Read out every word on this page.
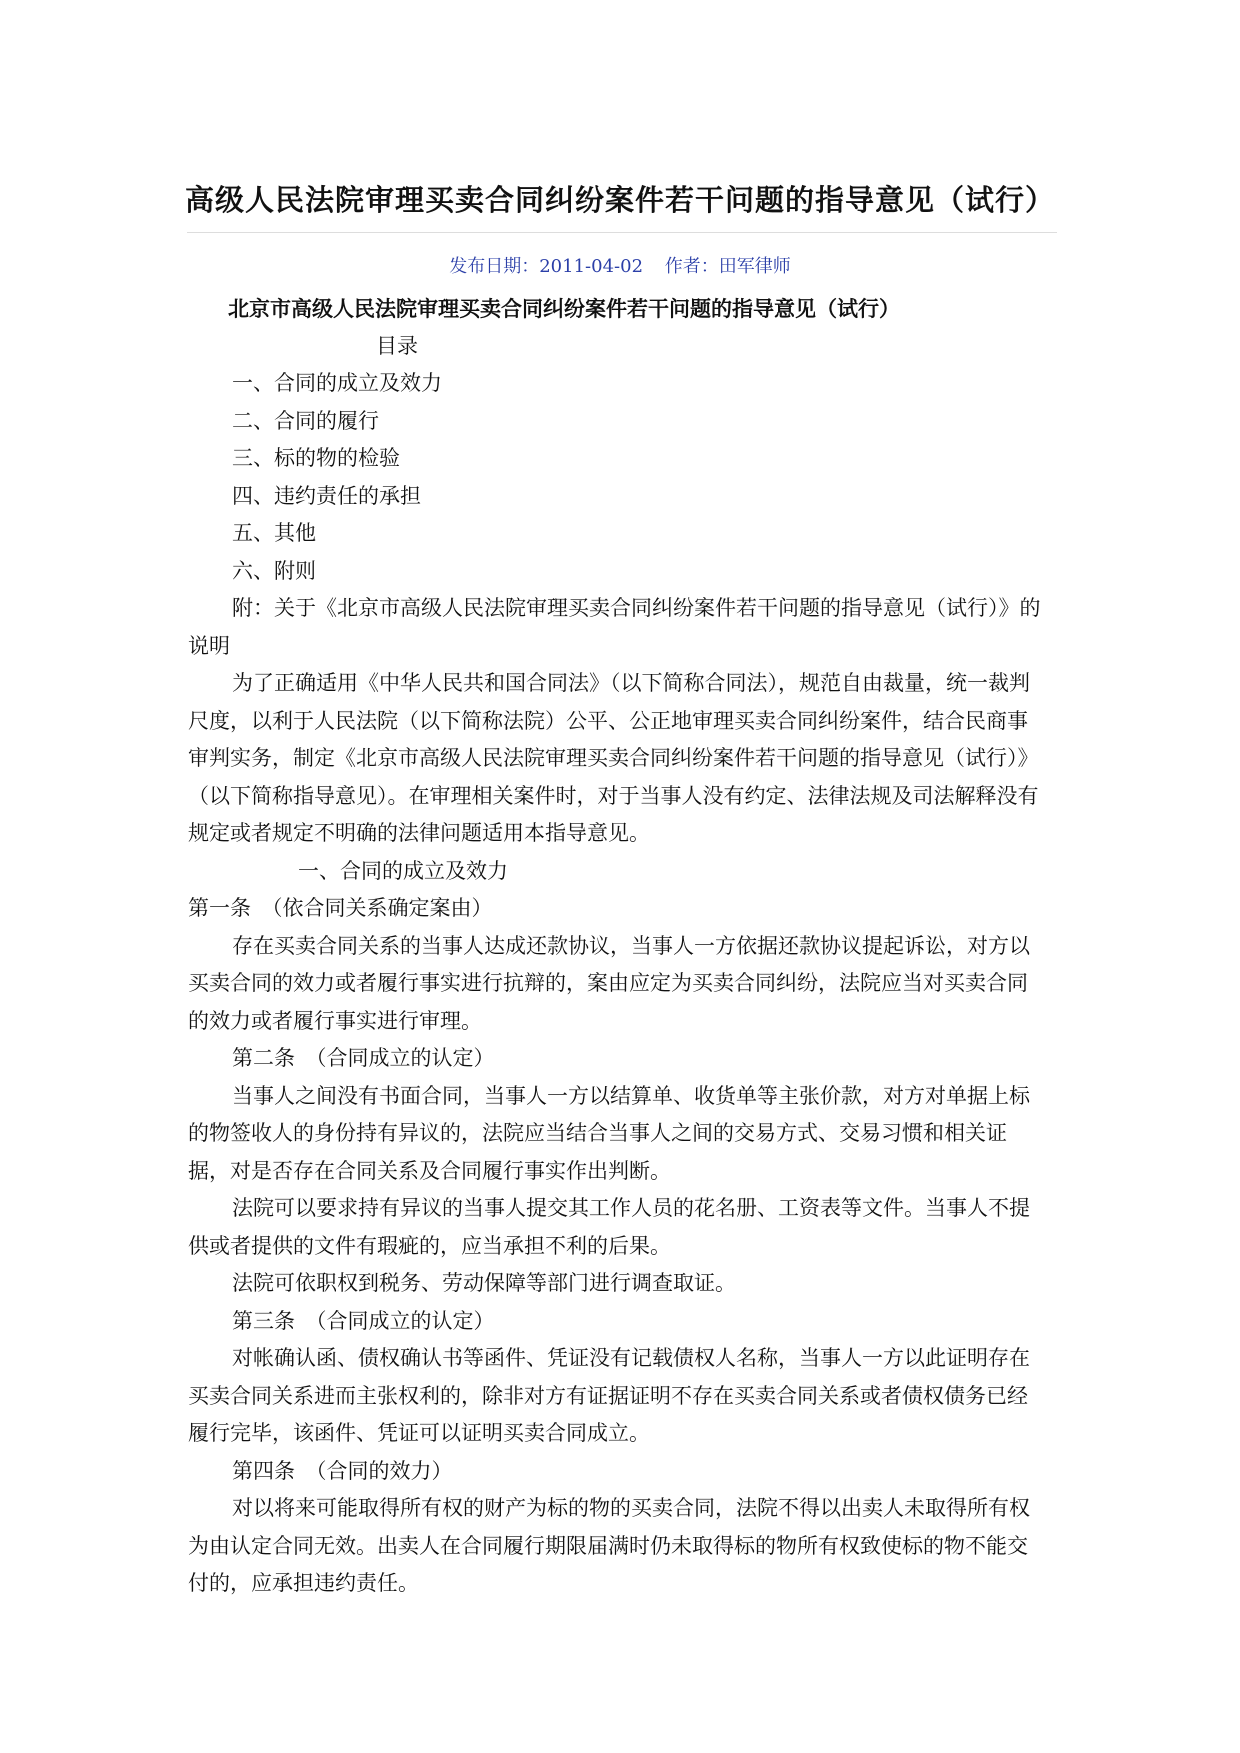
高级人民法院审理买卖合同纠纷案件若干问题的指导意见（试行）
发布日期：2011-04-02 作者：田军律师

北京市高级人民法院审理买卖合同纠纷案件若干问题的指导意见（试行）

目录

一、合同的成立及效力

二、合同的履行

三、标的物的检验

四、违约责任的承担

五、其他

六、附则

附：关于《北京市高级人民法院审理买卖合同纠纷案件若干问题的指导意见（试行）》的说明

为了正确适用《中华人民共和国合同法》（以下简称合同法），规范自由裁量，统一裁判尺度，以利于人民法院（以下简称法院）公平、公正地审理买卖合同纠纷案件，结合民商事审判实务，制定《北京市高级人民法院审理买卖合同纠纷案件若干问题的指导意见（试行）》（以下简称指导意见）。在审理相关案件时，对于当事人没有约定、法律法规及司法解释没有规定或者规定不明确的法律问题适用本指导意见。

一、合同的成立及效力

第一条　（依合同关系确定案由）

存在买卖合同关系的当事人达成还款协议，当事人一方依据还款协议提起诉讼，对方以买卖合同的效力或者履行事实进行抗辩的，案由应定为买卖合同纠纷，法院应当对买卖合同的效力或者履行事实进行审理。

第二条　（合同成立的认定）

当事人之间没有书面合同，当事人一方以结算单、收货单等主张价款，对方对单据上标的物签收人的身份持有异议的，法院应当结合当事人之间的交易方式、交易习惯和相关证据，对是否存在合同关系及合同履行事实作出判断。

法院可以要求持有异议的当事人提交其工作人员的花名册、工资表等文件。当事人不提供或者提供的文件有瑕疵的，应当承担不利的后果。

法院可依职权到税务、劳动保障等部门进行调查取证。

第三条　（合同成立的认定）

对帐确认函、债权确认书等函件、凭证没有记载债权人名称，当事人一方以此证明存在买卖合同关系进而主张权利的，除非对方有证据证明不存在买卖合同关系或者债权债务已经履行完毕，该函件、凭证可以证明买卖合同成立。

第四条　（合同的效力）

对以将来可能取得所有权的财产为标的物的买卖合同，法院不得以出卖人未取得所有权为由认定合同无效。出卖人在合同履行期限届满时仍未取得标的物所有权致使标的物不能交付的，应承担违约责任。
